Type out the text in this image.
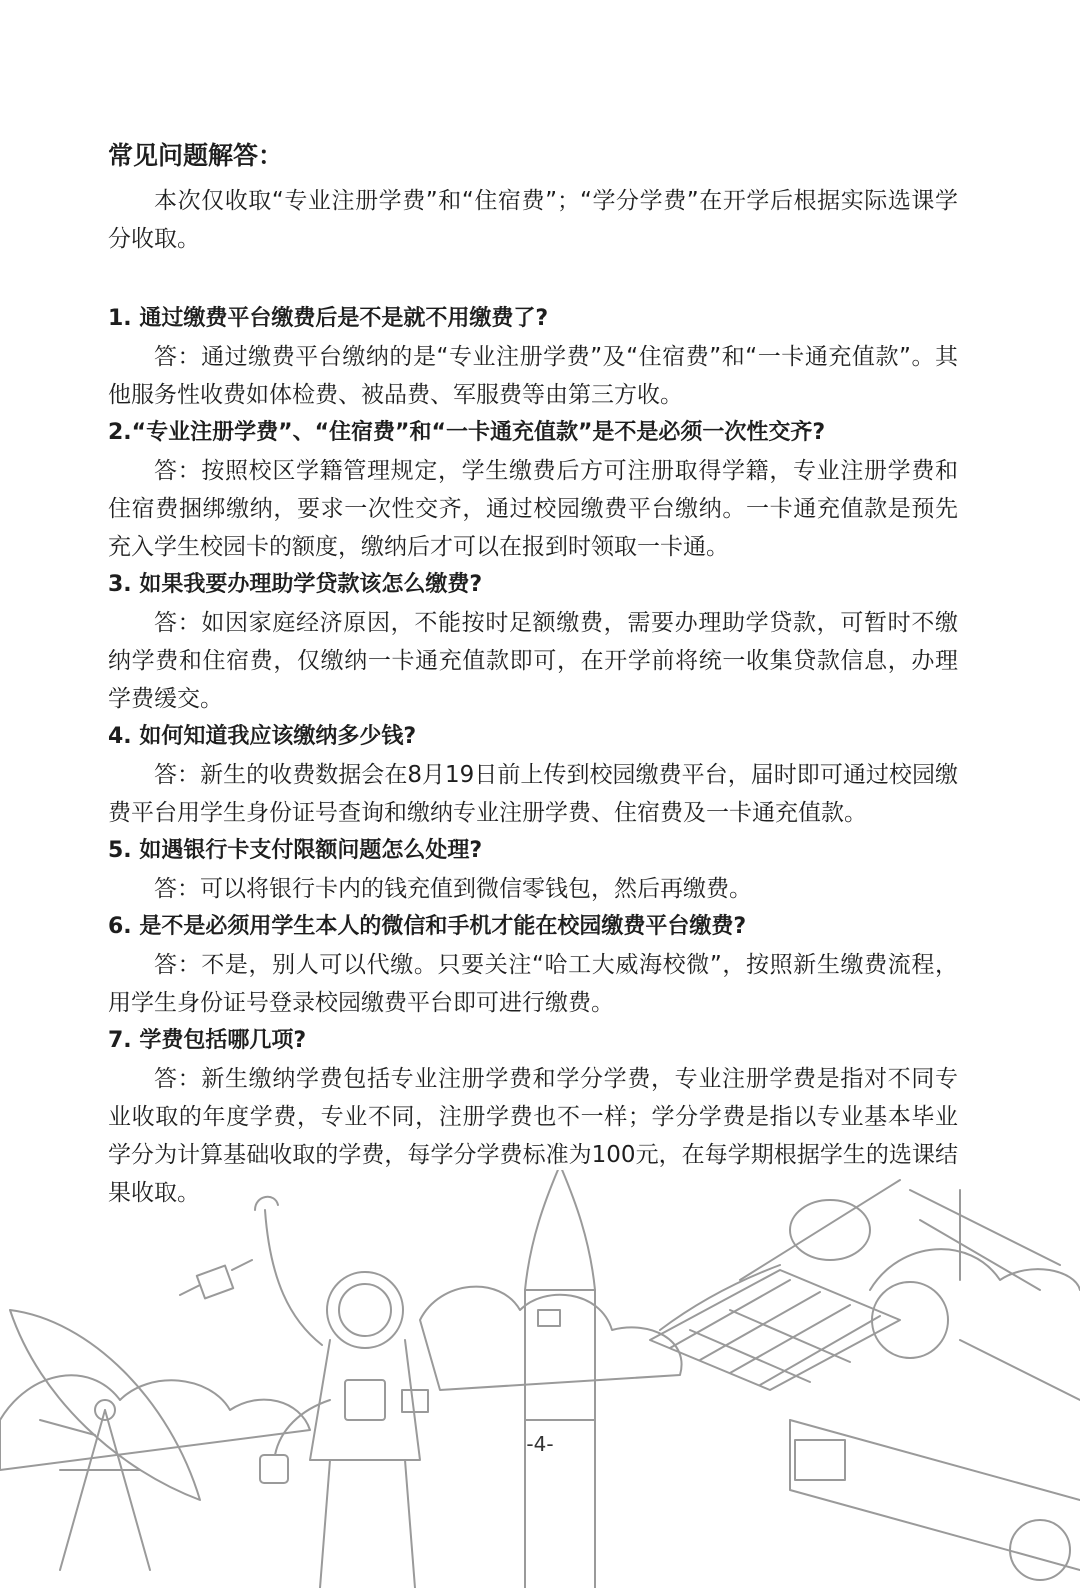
常见问题解答：

本次仅收取“专业注册学费”和“住宿费”；“学分学费”在开学后根据实际选课学分收取。

1. 通过缴费平台缴费后是不是就不用缴费了?

答：通过缴费平台缴纳的是“专业注册学费”及“住宿费”和“一卡通充值款”。其他服务性收费如体检费、被品费、军服费等由第三方收。

2.“专业注册学费”、“住宿费”和“一卡通充值款”是不是必须一次性交齐?

答：按照校区学籍管理规定，学生缴费后方可注册取得学籍，专业注册学费和住宿费捆绑缴纳，要求一次性交齐，通过校园缴费平台缴纳。一卡通充值款是预先充入学生校园卡的额度，缴纳后才可以在报到时领取一卡通。

3. 如果我要办理助学贷款该怎么缴费?

答：如因家庭经济原因，不能按时足额缴费，需要办理助学贷款，可暂时不缴纳学费和住宿费，仅缴纳一卡通充值款即可，在开学前将统一收集贷款信息，办理学费缓交。

4. 如何知道我应该缴纳多少钱?

答：新生的收费数据会在8月19日前上传到校园缴费平台，届时即可通过校园缴费平台用学生身份证号查询和缴纳专业注册学费、住宿费及一卡通充值款。

5. 如遇银行卡支付限额问题怎么处理?

答：可以将银行卡内的钱充值到微信零钱包，然后再缴费。

6. 是不是必须用学生本人的微信和手机才能在校园缴费平台缴费?

答：不是，别人可以代缴。只要关注“哈工大威海校微”，按照新生缴费流程，用学生身份证号登录校园缴费平台即可进行缴费。

7. 学费包括哪几项?

答：新生缴纳学费包括专业注册学费和学分学费，专业注册学费是指对不同专业收取的年度学费，专业不同，注册学费也不一样；学分学费是指以专业基本毕业学分为计算基础收取的学费，每学分学费标准为100元，在每学期根据学生的选课结果收取。

-4-
